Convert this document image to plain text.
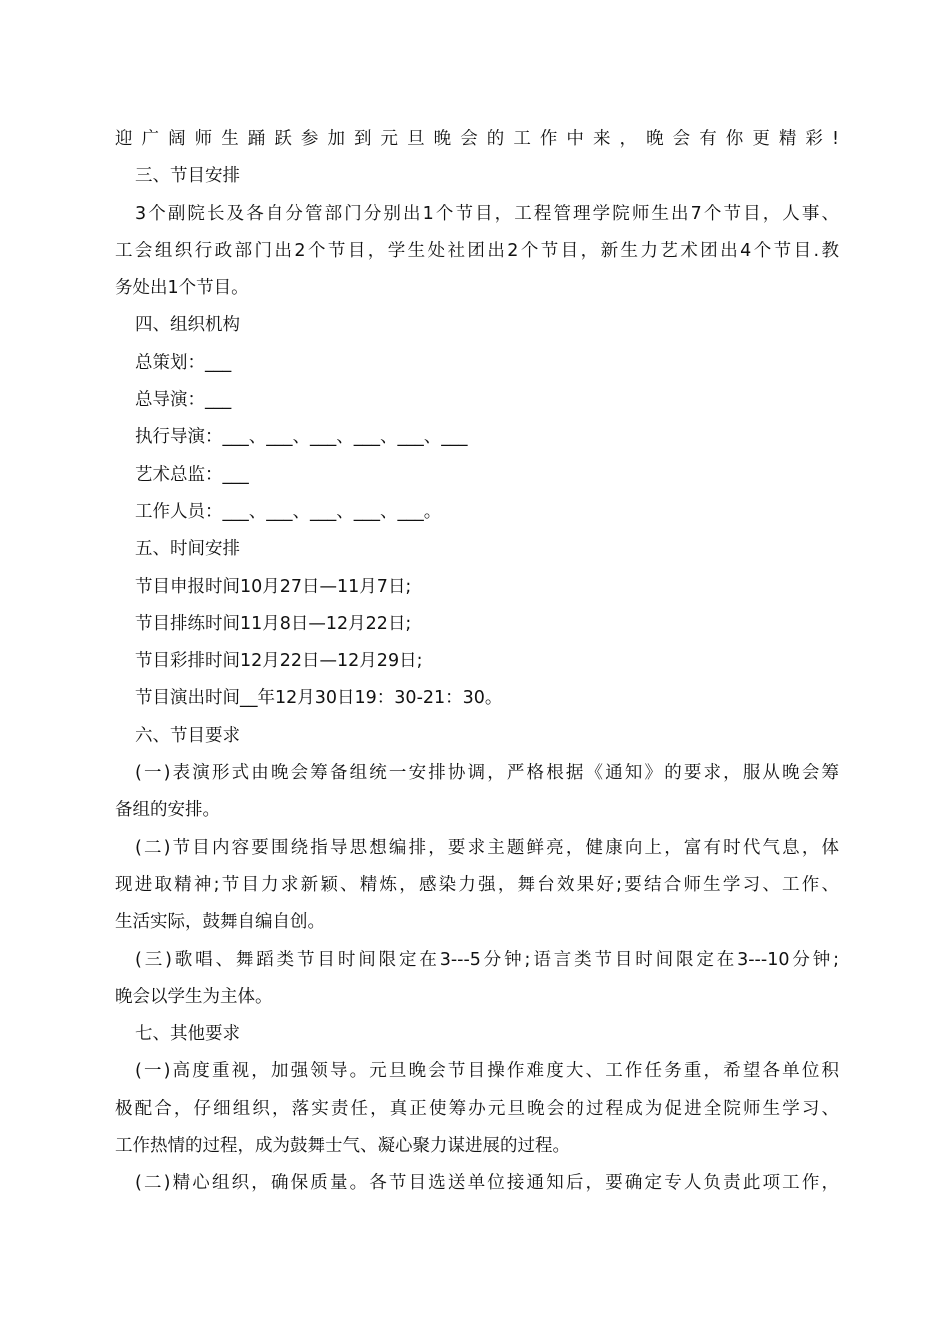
迎广阔师生踊跃参加到元旦晚会的工作中来，晚会有你更精彩!
三、节目安排
3个副院长及各自分管部门分别出1个节目，工程管理学院师生出7个节目，人事、
工会组织行政部门出2个节目，学生处社团出2个节目，新生力艺术团出4个节目.教
务处出1个节目。
四、组织机构
总策划：___
总导演：___
执行导演：___、___、___、___、___、___
艺术总监：___
工作人员：___、___、___、___、___。
五、时间安排
节目申报时间10月27日—11月7日;
节目排练时间11月8日—12月22日;
节目彩排时间12月22日—12月29日;
节目演出时间__年12月30日19：30-21：30。
六、节目要求
(一)表演形式由晚会筹备组统一安排协调，严格根据《通知》的要求，服从晚会筹
备组的安排。
(二)节目内容要围绕指导思想编排，要求主题鲜亮，健康向上，富有时代气息，体
现进取精神;节目力求新颖、精炼，感染力强，舞台效果好;要结合师生学习、工作、
生活实际，鼓舞自编自创。
(三)歌唱、舞蹈类节目时间限定在3---5分钟;语言类节目时间限定在3---10分钟;
晚会以学生为主体。
七、其他要求
(一)高度重视，加强领导。元旦晚会节目操作难度大、工作任务重，希望各单位积
极配合，仔细组织，落实责任，真正使筹办元旦晚会的过程成为促进全院师生学习、
工作热情的过程，成为鼓舞士气、凝心聚力谋进展的过程。
(二)精心组织，确保质量。各节目选送单位接通知后，要确定专人负责此项工作，
